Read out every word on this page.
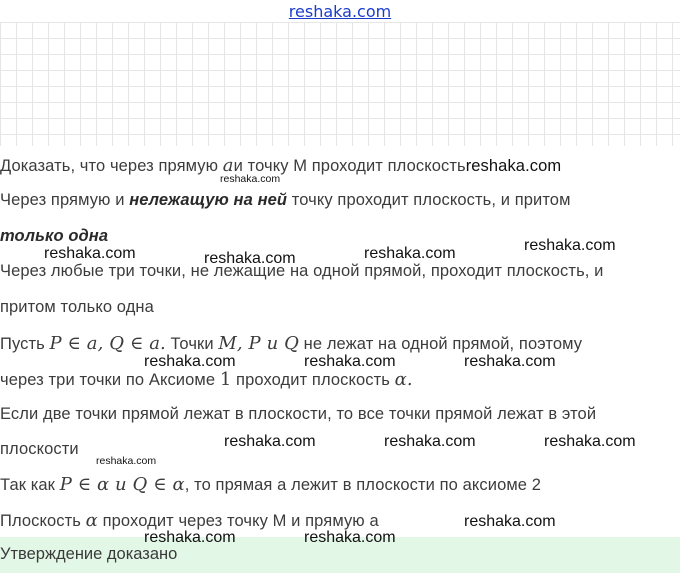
reshaka.com
Доказать, что через прямую aи точку М проходит плоскостьreshaka.com
Через прямую и нележащую на ней точку проходит плоскость, и притом
только одна
Через любые три точки, не лежащие на одной прямой, проходит плоскость, и
притом только одна
Пусть P ∈ a, Q ∈ a. Точки M, P и Q не лежат на одной прямой, поэтому
через три точки по Аксиоме 1 проходит плоскость α.
Если две точки прямой лежат в плоскости, то все точки прямой лежат в этой
плоскости
Так как P ∈ α и Q ∈ α, то прямая а лежит в плоскости по аксиоме 2
Плоскость α проходит через точку М и прямую а
Утверждение доказано
reshaka.com
reshaka.com	reshaka.com	reshaka.com	reshaka.com
reshaka.com	reshaka.com	reshaka.com
reshaka.com	reshaka.com	reshaka.com
reshaka.com
reshaka.com
reshaka.com	reshaka.com
